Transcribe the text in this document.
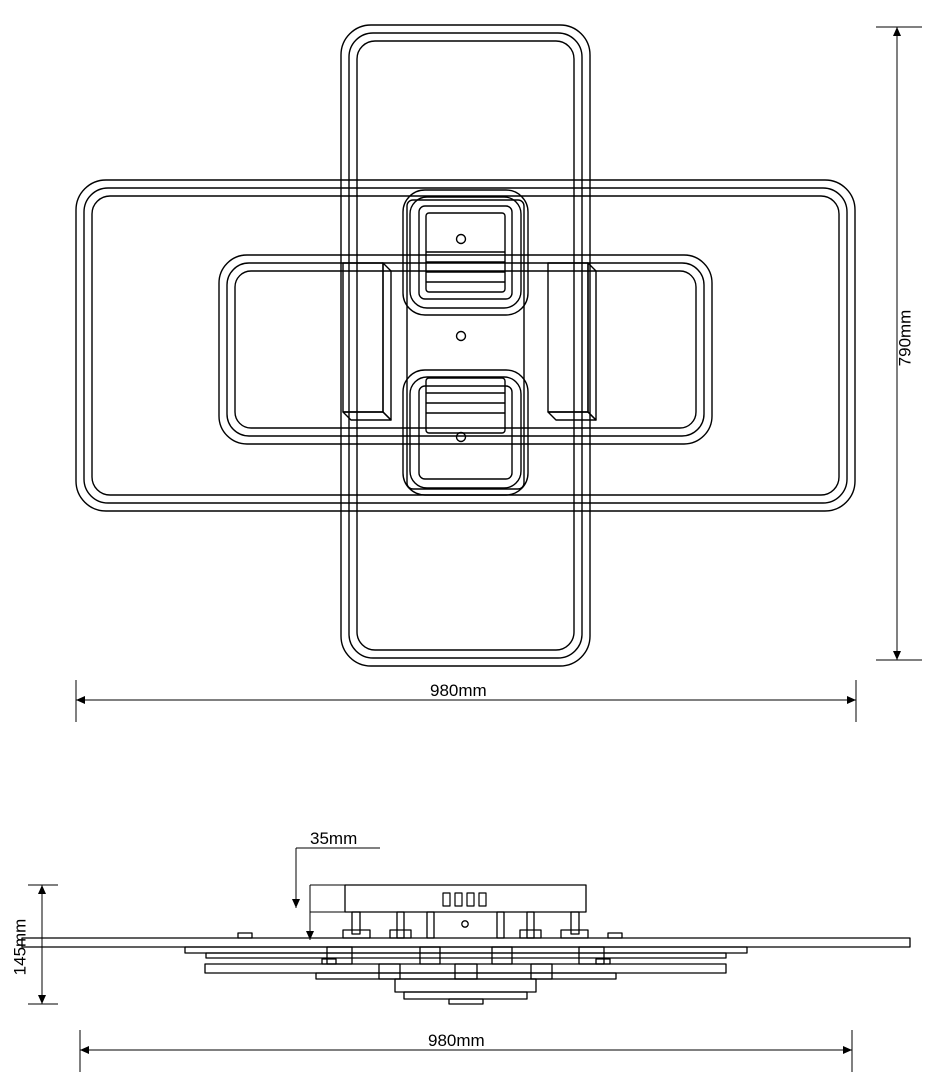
790mm
980mm
35mm
145mm
980mm
